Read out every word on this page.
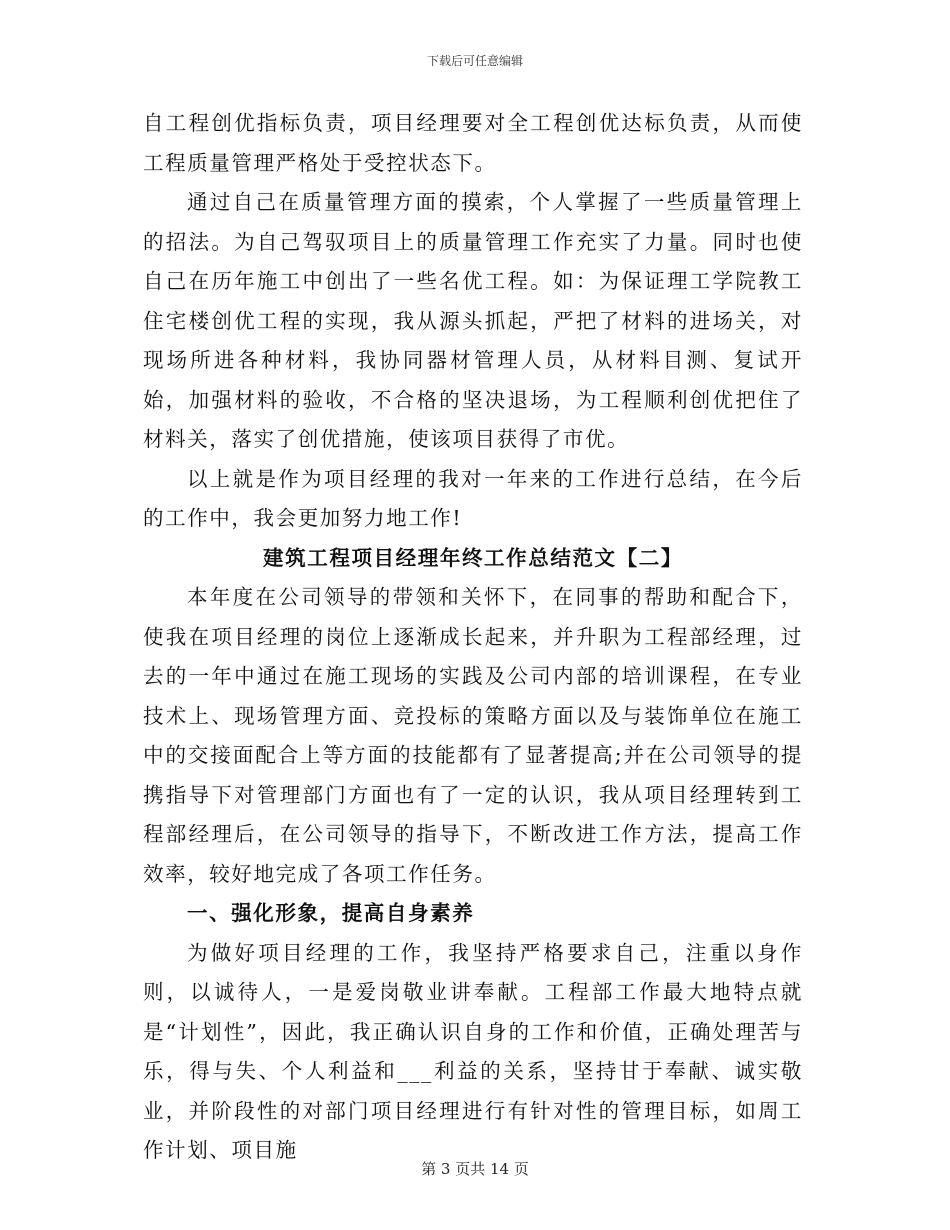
下载后可任意编辑

自工程创优指标负责，项目经理要对全工程创优达标负责，从而使工程质量管理严格处于受控状态下。

通过自己在质量管理方面的摸索，个人掌握了一些质量管理上的招法。为自己驾驭项目上的质量管理工作充实了力量。同时也使自己在历年施工中创出了一些名优工程。如：为保证理工学院教工住宅楼创优工程的实现，我从源头抓起，严把了材料的进场关，对现场所进各种材料，我协同器材管理人员，从材料目测、复试开始，加强材料的验收，不合格的坚决退场，为工程顺利创优把住了材料关，落实了创优措施，使该项目获得了市优。

以上就是作为项目经理的我对一年来的工作进行总结，在今后的工作中，我会更加努力地工作!

建筑工程项目经理年终工作总结范文【二】

本年度在公司领导的带领和关怀下，在同事的帮助和配合下，使我在项目经理的岗位上逐渐成长起来，并升职为工程部经理，过去的一年中通过在施工现场的实践及公司内部的培训课程，在专业技术上、现场管理方面、竞投标的策略方面以及与装饰单位在施工中的交接面配合上等方面的技能都有了显著提高;并在公司领导的提携指导下对管理部门方面也有了一定的认识，我从项目经理转到工程部经理后，在公司领导的指导下，不断改进工作方法，提高工作效率，较好地完成了各项工作任务。

一、强化形象，提高自身素养

为做好项目经理的工作，我坚持严格要求自己，注重以身作则，以诚待人，一是爱岗敬业讲奉献。工程部工作最大地特点就是“计划性”，因此，我正确认识自身的工作和价值，正确处理苦与乐，得与失、个人利益和___利益的关系，坚持甘于奉献、诚实敬业，并阶段性的对部门项目经理进行有针对性的管理目标，如周工作计划、项目施

第 3 页共 14 页
